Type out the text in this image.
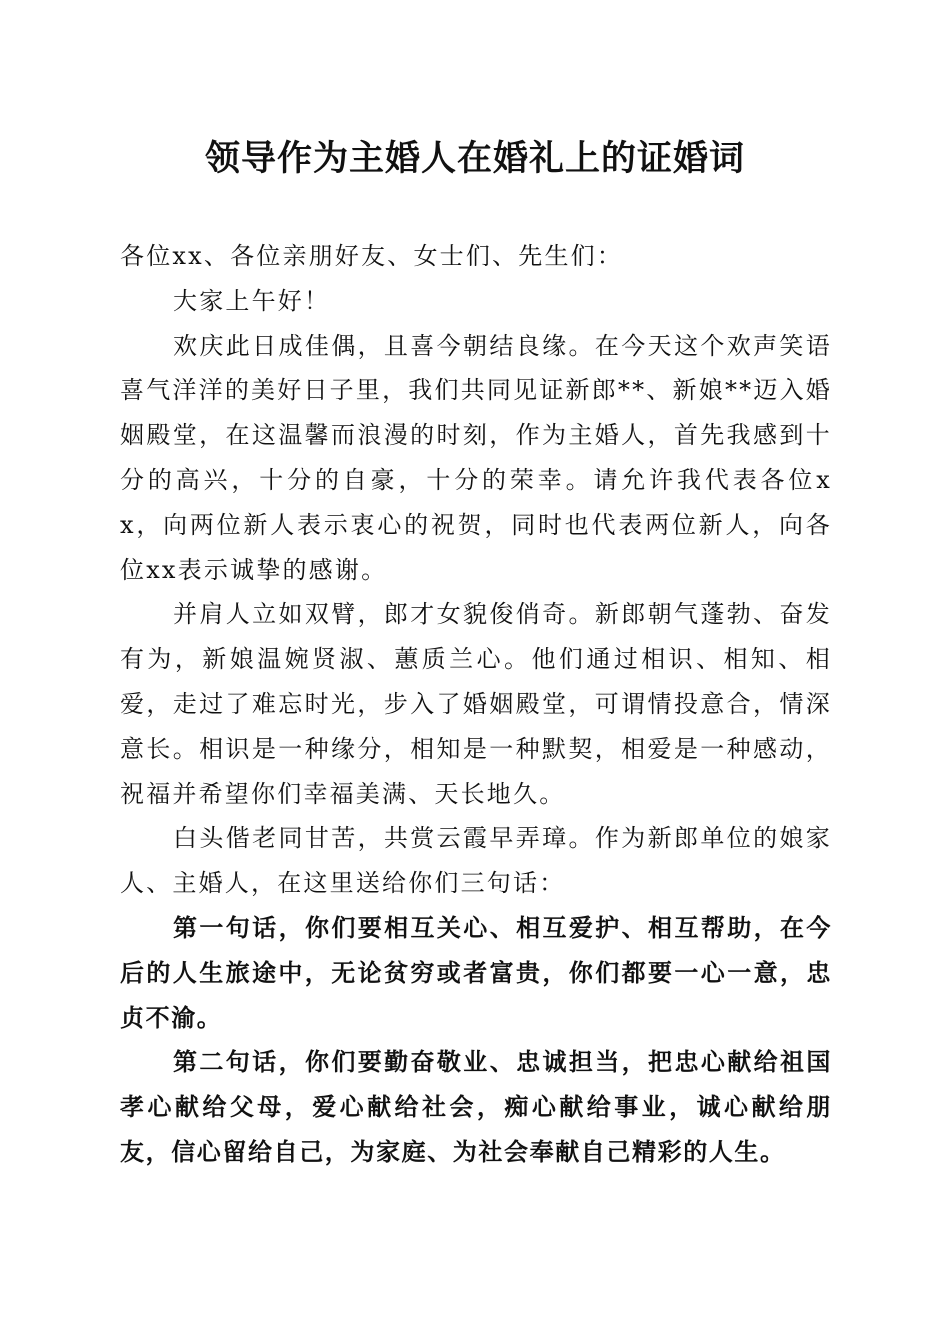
领导作为主婚人在婚礼上的证婚词

各位xx、各位亲朋好友、女士们、先生们：

大家上午好！

欢庆此日成佳偶，且喜今朝结良缘。在今天这个欢声笑语喜气洋洋的美好日子里，我们共同见证新郎**、新娘**迈入婚姻殿堂，在这温馨而浪漫的时刻，作为主婚人，首先我感到十分的高兴，十分的自豪，十分的荣幸。请允许我代表各位xx，向两位新人表示衷心的祝贺，同时也代表两位新人，向各位xx表示诚挚的感谢。

并肩人立如双臂，郎才女貌俊俏奇。新郎朝气蓬勃、奋发有为，新娘温婉贤淑、蕙质兰心。他们通过相识、相知、相爱，走过了难忘时光，步入了婚姻殿堂，可谓情投意合，情深意长。相识是一种缘分，相知是一种默契，相爱是一种感动，祝福并希望你们幸福美满、天长地久。

白头偕老同甘苦，共赏云霞早弄璋。作为新郎单位的娘家人、主婚人，在这里送给你们三句话：

第一句话，你们要相互关心、相互爱护、相互帮助，在今后的人生旅途中，无论贫穷或者富贵，你们都要一心一意，忠贞不渝。

第二句话，你们要勤奋敬业、忠诚担当，把忠心献给祖国孝心献给父母，爱心献给社会，痴心献给事业，诚心献给朋友，信心留给自己，为家庭、为社会奉献自己精彩的人生。
